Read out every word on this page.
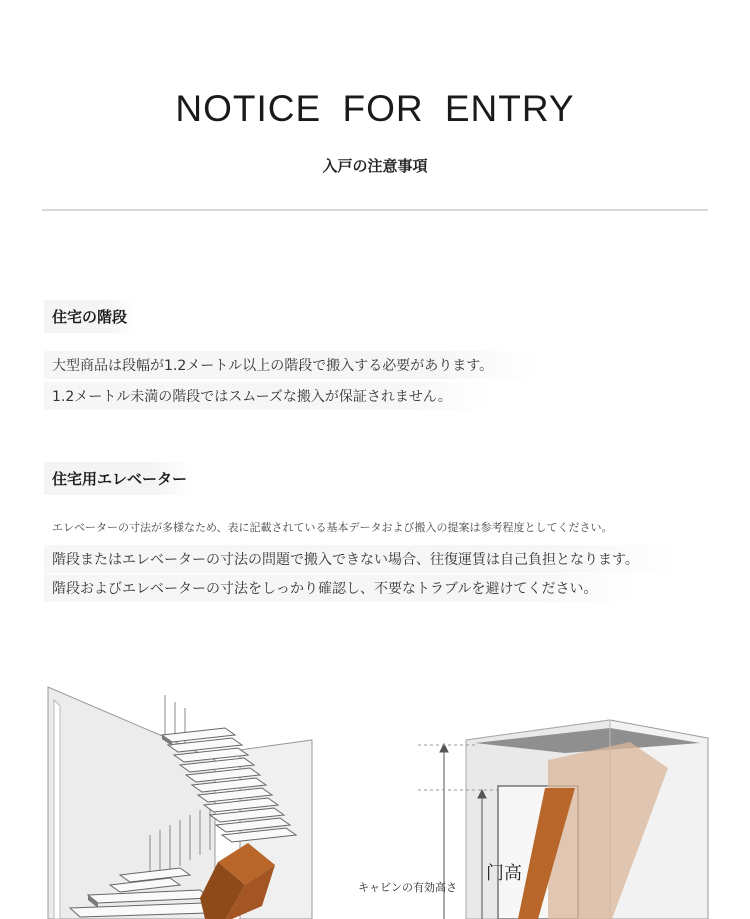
NOTICE FOR ENTRY
入戸の注意事項
住宅の階段
大型商品は段幅が1.2メートル以上の階段で搬入する必要があります。
1.2メートル未満の階段ではスムーズな搬入が保証されません。
住宅用エレベーター
エレベーターの寸法が多様なため、表に記載されている基本データおよび搬入の提案は参考程度としてください。
階段またはエレベーターの寸法の問題で搬入できない場合、往復運賃は自己負担となります。
階段およびエレベーターの寸法をしっかり確認し、不要なトラブルを避けてください。
キャビンの有効高さ
门高
